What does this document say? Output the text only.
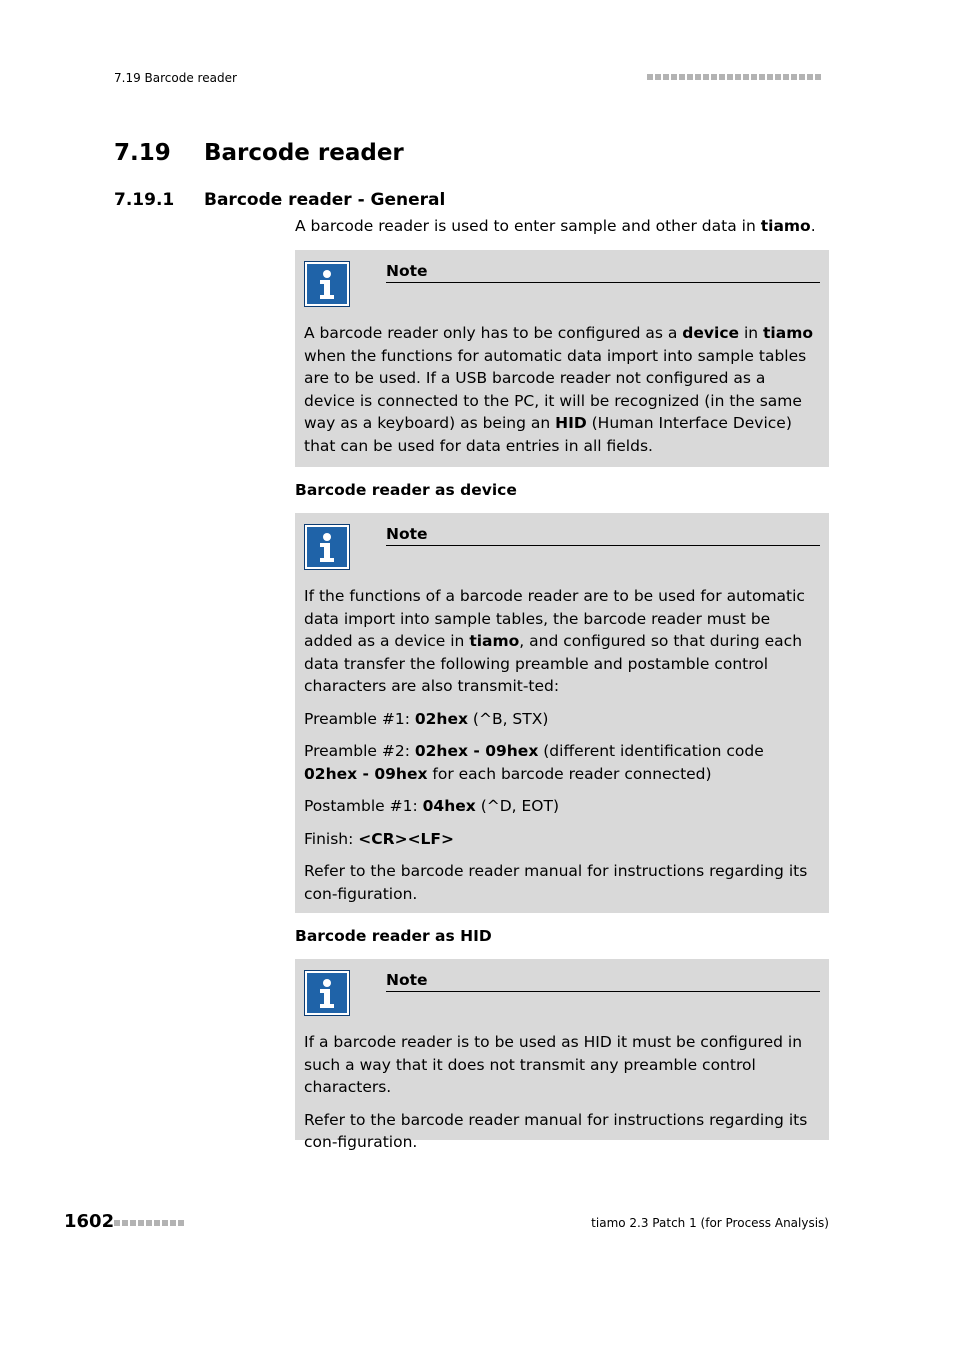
7.19 Barcode reader
7.19 Barcode reader
7.19.1 Barcode reader - General
A barcode reader is used to enter sample and other data in tiamo.
Note

A barcode reader only has to be configured as a device in tiamo when the functions for automatic data import into sample tables are to be used. If a USB barcode reader not configured as a device is connected to the PC, it will be recognized (in the same way as a keyboard) as being an HID (Human Interface Device) that can be used for data entries in all fields.

Barcode reader as device
Note

If the functions of a barcode reader are to be used for automatic data import into sample tables, the barcode reader must be added as a device in tiamo, and configured so that during each data transfer the following preamble and postamble control characters are also transmit-ted:

Preamble #1: 02hex (^B, STX)

Preamble #2: 02hex - 09hex (different identification code 02hex - 09hex for each barcode reader connected)

Postamble #1: 04hex (^D, EOT)

Finish: <CR><LF>

Refer to the barcode reader manual for instructions regarding its con-figuration.

Barcode reader as HID
Note

If a barcode reader is to be used as HID it must be configured in such a way that it does not transmit any preamble control characters.

Refer to the barcode reader manual for instructions regarding its con-figuration.

1602	tiamo 2.3 Patch 1 (for Process Analysis)
